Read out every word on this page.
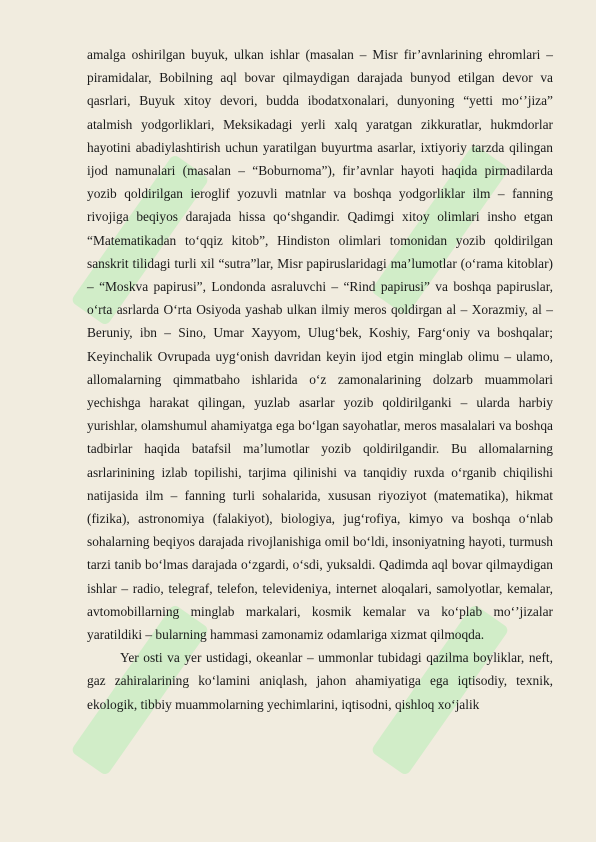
amalga oshirilgan buyuk, ulkan ishlar (masalan – Misr fir’avnlarining ehromlari – piramidalar, Bobilning aql bovar qilmaydigan darajada bunyod etilgan devor va qasrlari, Buyuk xitoy devori, budda ibodatxonalari, dunyoning “yetti mo‘’jiza” atalmish yodgorliklari, Meksikadagi yerli xalq yaratgan zikkuratlar, hukmdorlar hayotini abadiylashtirish uchun yaratilgan buyurtma asarlar, ixtiyoriy tarzda qilingan ijod namunalari (masalan – “Boburnoma”), fir’avnlar hayoti haqida pirmadilarda yozib qoldirilgan ieroglif yozuvli matnlar va boshqa yodgorliklar ilm – fanning rivojiga beqiyos darajada hissa qo‘shgandir. Qadimgi xitoy olimlari insho etgan “Matematikadan to‘qqiz kitob”, Hindiston olimlari tomonidan yozib qoldirilgan sanskrit tilidagi turli xil “sutra”lar, Misr papiruslaridagi ma’lumotlar (o‘rama kitoblar) – “Moskva papirusi”, Londonda asraluvchi – “Rind papirusi” va boshqa papiruslar, o‘rta asrlarda O‘rta Osiyoda yashab ulkan ilmiy meros qoldirgan al – Xorazmiy, al – Beruniy, ibn – Sino, Umar Xayyom, Ulug‘bek, Koshiy, Farg‘oniy va boshqalar; Keyinchalik Ovrupada uyg‘onish davridan keyin ijod etgin minglab olimu – ulamo, allomalarning qimmatbaho ishlarida o‘z zamonalarining dolzarb muammolari yechishga harakat qilingan, yuzlab asarlar yozib qoldirilganki – ularda harbiy yurishlar, olamshumul ahamiyatga ega bo‘lgan sayohatlar, meros masalalari va boshqa tadbirlar haqida batafsil ma’lumotlar yozib qoldirilgandir. Bu allomalarning asrlarinining izlab topilishi, tarjima qilinishi va tanqidiy ruxda o‘rganib chiqilishi natijasida ilm – fanning turli sohalarida, xususan riyoziyot (matematika), hikmat (fizika), astronomiya (falakiyot), biologiya, jug‘rofiya, kimyo va boshqa o‘nlab sohalarning beqiyos darajada rivojlanishiga omil bo‘ldi, insoniyatning hayoti, turmush tarzi tanib bo‘lmas darajada o‘zgardi, o‘sdi, yuksaldi. Qadimda aql bovar qilmaydigan ishlar – radio, telegraf, telefon, televideniya, internet aloqalari, samolyotlar, kemalar, avtomobillarning minglab markalari, kosmik kemalar va ko‘plab mo‘’jizalar yaratildiki – bularning hammasi zamonamiz odamlariga xizmat qilmoqda.

Yer osti va yer ustidagi, okeanlar – ummonlar tubidagi qazilma boyliklar, neft, gaz zahiralarining ko‘lamini aniqlash, jahon ahamiyatiga ega iqtisodiy, texnik, ekologik, tibbiy muammolarning yechimlarini, iqtisodni, qishloq xo‘jalik
